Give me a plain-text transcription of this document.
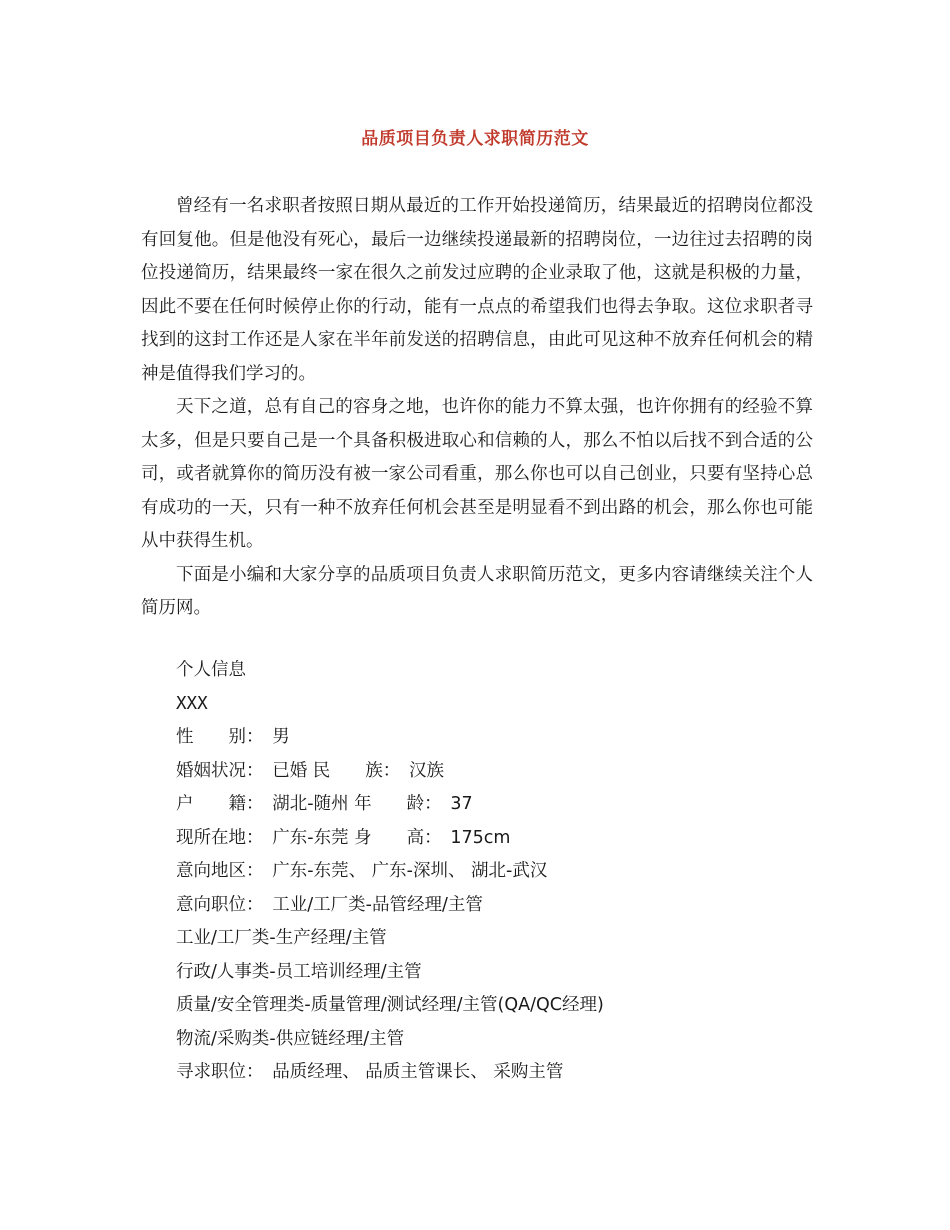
品质项目负责人求职简历范文

曾经有一名求职者按照日期从最近的工作开始投递简历，结果最近的招聘岗位都没有回复他。但是他没有死心，最后一边继续投递最新的招聘岗位，一边往过去招聘的岗位投递简历，结果最终一家在很久之前发过应聘的企业录取了他，这就是积极的力量，因此不要在任何时候停止你的行动，能有一点点的希望我们也得去争取。这位求职者寻找到的这封工作还是人家在半年前发送的招聘信息，由此可见这种不放弃任何机会的精神是值得我们学习的。

天下之道，总有自己的容身之地，也许你的能力不算太强，也许你拥有的经验不算太多，但是只要自己是一个具备积极进取心和信赖的人，那么不怕以后找不到合适的公司，或者就算你的简历没有被一家公司看重，那么你也可以自己创业，只要有坚持心总有成功的一天，只有一种不放弃任何机会甚至是明显看不到出路的机会，那么你也可能从中获得生机。

下面是小编和大家分享的品质项目负责人求职简历范文，更多内容请继续关注个人简历网。

个人信息
XXX
性　　别：　男
婚姻状况：　已婚 民　　族：　汉族
户　　籍：　湖北-随州 年　　龄：　37
现所在地：　广东-东莞 身　　高：　175cm
意向地区：　广东-东莞、 广东-深圳、 湖北-武汉
意向职位：　工业/工厂类-品管经理/主管
工业/工厂类-生产经理/主管
行政/人事类-员工培训经理/主管
质量/安全管理类-质量管理/测试经理/主管(QA/QC经理)
物流/采购类-供应链经理/主管
寻求职位：　品质经理、 品质主管课长、 采购主管
